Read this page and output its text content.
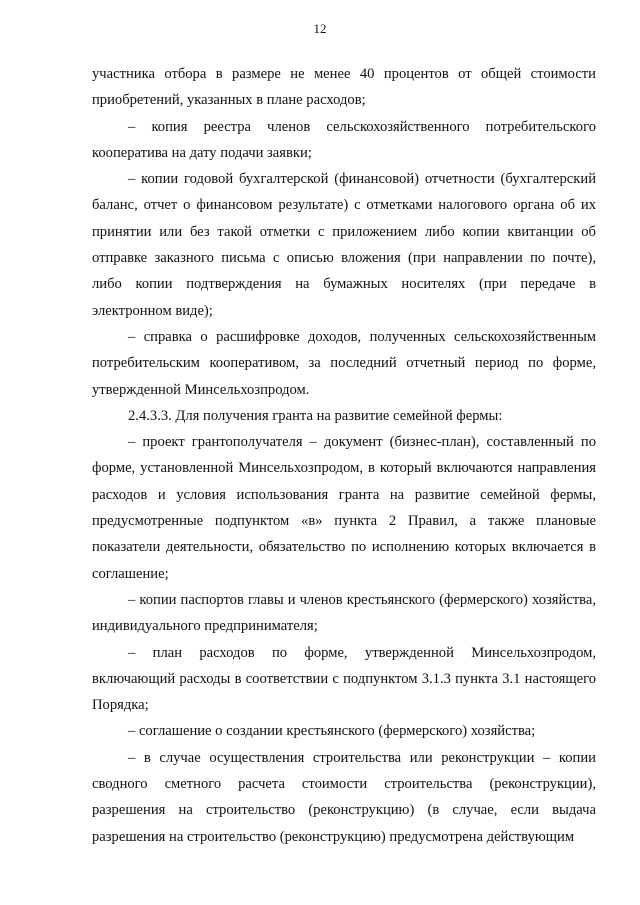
12

участника отбора в размере не менее 40 процентов от общей стоимости приобретений, указанных в плане расходов;

– копия реестра членов сельскохозяйственного потребительского кооператива на дату подачи заявки;

– копии годовой бухгалтерской (финансовой) отчетности (бухгалтерский баланс, отчет о финансовом результате) с отметками налогового органа об их принятии или без такой отметки с приложением либо копии квитанции об отправке заказного письма с описью вложения (при направлении по почте), либо копии подтверждения на бумажных носителях (при передаче в электронном виде);

– справка о расшифровке доходов, полученных сельскохозяйственным потребительским кооперативом, за последний отчетный период по форме, утвержденной Минсельхозпродом.

2.4.3.3. Для получения гранта на развитие семейной фермы:

– проект грантополучателя – документ (бизнес-план), составленный по форме, установленной Минсельхозпродом, в который включаются направления расходов и условия использования гранта на развитие семейной фермы, предусмотренные подпунктом «в» пункта 2 Правил, а также плановые показатели деятельности, обязательство по исполнению которых включается в соглашение;

– копии паспортов главы и членов крестьянского (фермерского) хозяйства, индивидуального предпринимателя;

– план расходов по форме, утвержденной Минсельхозпродом, включающий расходы в соответствии с подпунктом 3.1.3 пункта 3.1 настоящего Порядка;

– соглашение о создании крестьянского (фермерского) хозяйства;

– в случае осуществления строительства или реконструкции – копии сводного сметного расчета стоимости строительства (реконструкции), разрешения на строительство (реконструкцию) (в случае, если выдача разрешения на строительство (реконструкцию) предусмотрена действующим
